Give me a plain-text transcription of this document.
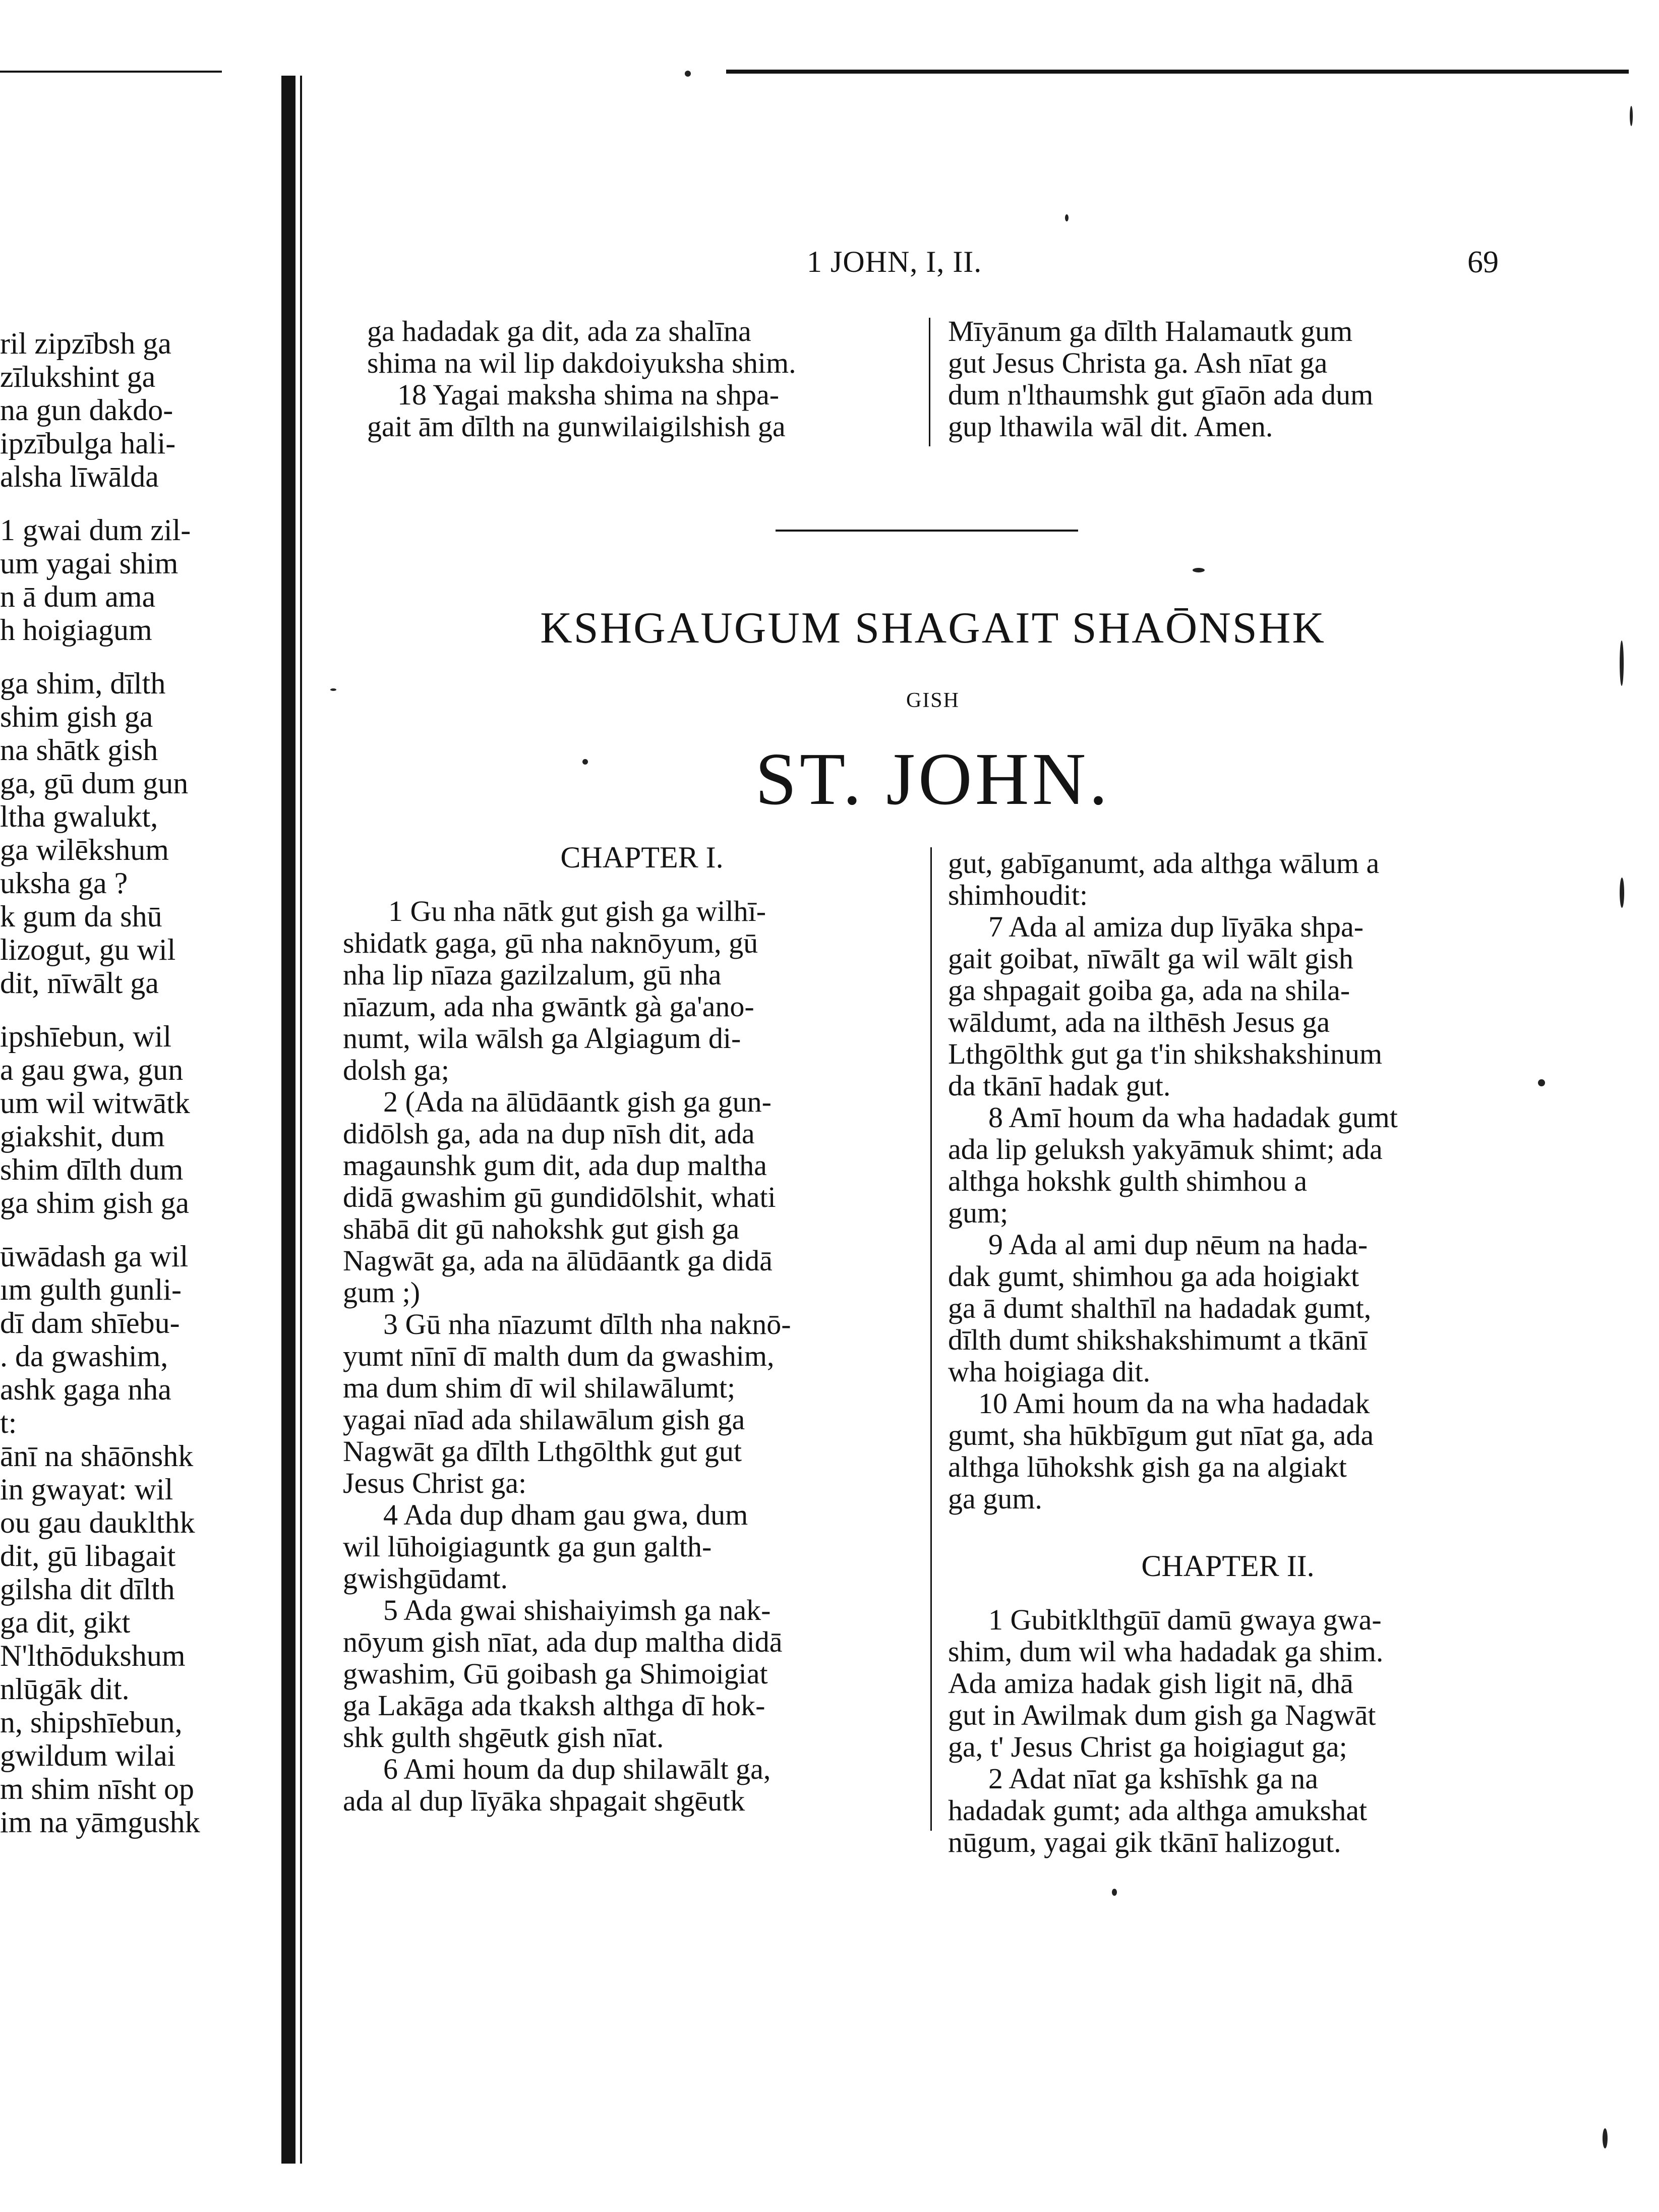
ril zipzībsh ga

zīlukshint ga

na gun dakdo-

ipzībulga hali-

alsha līwālda

1 gwai dum zil-

um yagai shim

n ā dum ama

h hoigiagum

ga shim, dīlth

shim gish ga

na shātk gish

ga, gū dum gun

ltha gwalukt,

ga wilēkshum

uksha ga ?

k gum da shū

lizogut, gu wil

dit, nīwālt ga

ipshīebun, wil

a gau gwa, gun

um wil witwātk

giakshit, dum

shim dīlth dum

ga shim gish ga

ūwādash ga wil

ım gulth gunli-

dī dam shīebu-

. da gwashim,

ashk gaga nha

t:

ānī na shāōnshk

in gwayat: wil

ou gau dauklthk

dit, gū libagait

gilsha dit dīlth

ga dit, gikt

N'lthōdukshum

nlūgāk dit.

n, shipshīebun,

gwildum wilai

m shim nīsht op

im na yāmgushk

1 JOHN, I, II.	69

ga hadadak ga dit, ada za shalīna

shima na wil lip dakdoiyuksha shim.

18 Yagai maksha shima na shpa-

gait ām dīlth na gunwilaigilshish ga

Mīyānum ga dīlth Halamautk gum

gut Jesus Christa ga. Ash nīat ga

dum n'lthaumshk gut gīaōn ada dum

gup lthawila wāl dit. Amen.

KSHGAUGUM SHAGAIT SHAŌNSHK
GISH
ST. JOHN.
CHAPTER I.

1 Gu nha nātk gut gish ga wilhī-

shidatk gaga, gū nha naknōyum, gū

nha lip nīaza gazilzalum, gū nha

nīazum, ada nha gwāntk gà ga'ano-

numt, wila wālsh ga Algiagum di-

dolsh ga;

2 (Ada na ālūdāantk gish ga gun-

didōlsh ga, ada na dup nīsh dit, ada

magaunshk gum dit, ada dup maltha

didā gwashim gū gundidōlshit, whati

shābā dit gū nahokshk gut gish ga

Nagwāt ga, ada na ālūdāantk ga didā

gum ;)

3 Gū nha nīazumt dīlth nha naknō-

yumt nīnī dī malth dum da gwashim,

ma dum shim dī wil shilawālumt;

yagai nīad ada shilawālum gish ga

Nagwāt ga dīlth Lthgōlthk gut gut

Jesus Christ ga:

4 Ada dup dham gau gwa, dum

wil lūhoigiaguntk ga gun galth-

gwishgūdamt.

5 Ada gwai shishaiyimsh ga nak-

nōyum gish nīat, ada dup maltha didā

gwashim, Gū goibash ga Shimoigiat

ga Lakāga ada tkaksh althga dī hok-

shk gulth shgēutk gish nīat.

6 Ami houm da dup shilawālt ga,

ada al dup līyāka shpagait shgēutk

gut, gabīganumt, ada althga wālum a

shimhoudit:

7 Ada al amiza dup līyāka shpa-

gait goibat, nīwālt ga wil wālt gish

ga shpagait goiba ga, ada na shila-

wāldumt, ada na ilthēsh Jesus ga

Lthgōlthk gut ga t'in shikshakshinum

da tkānī hadak gut.

8 Amī houm da wha hadadak gumt

ada lip geluksh yakyāmuk shimt; ada

althga hokshk gulth shimhou a

gum;

9 Ada al ami dup nēum na hada-

dak gumt, shimhou ga ada hoigiakt

ga ā dumt shalthīl na hadadak gumt,

dīlth dumt shikshakshimumt a tkānī

wha hoigiaga dit.

10 Ami houm da na wha hadadak

gumt, sha hūkbīgum gut nīat ga, ada

althga lūhokshk gish ga na algiakt

ga gum.

CHAPTER II.

1 Gubitklthgūī damū gwaya gwa-

shim, dum wil wha hadadak ga shim.

Ada amiza hadak gish ligit nā, dhā

gut in Awilmak dum gish ga Nagwāt

ga, t' Jesus Christ ga hoigiagut ga;

2 Adat nīat ga kshīshk ga na

hadadak gumt; ada althga amukshat

nūgum, yagai gik tkānī halizogut.
